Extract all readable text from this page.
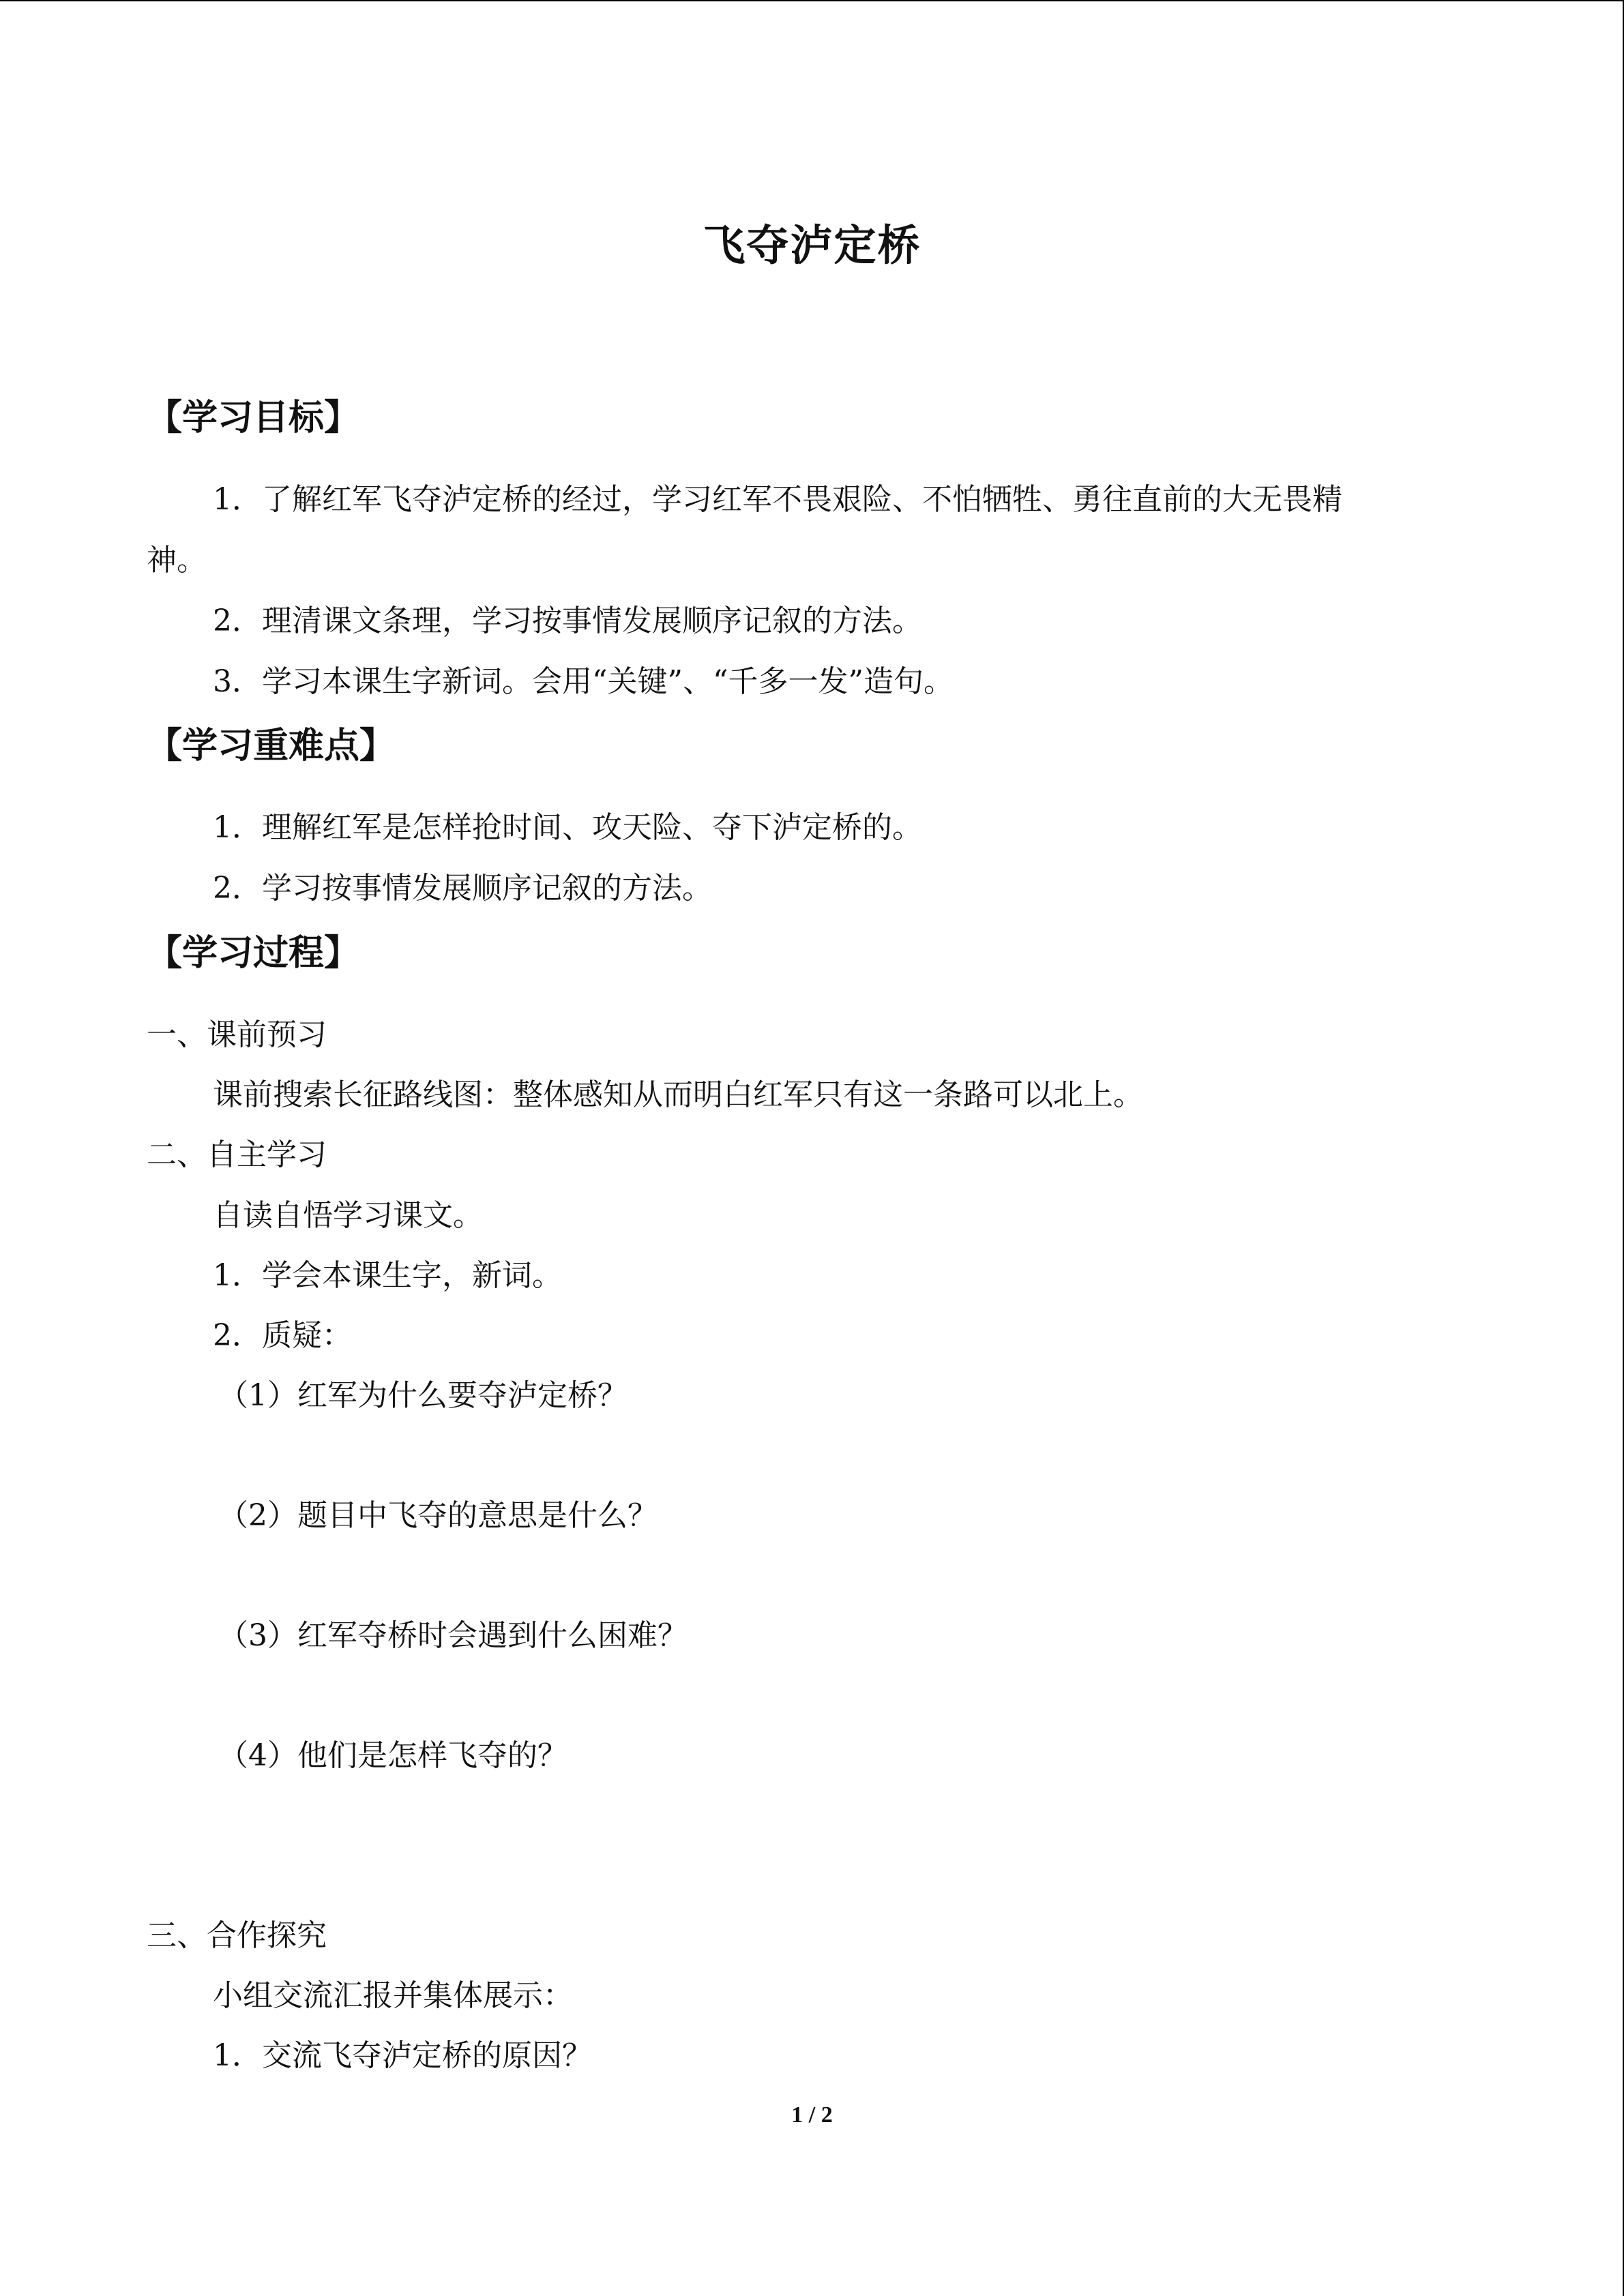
飞夺泸定桥
【学习目标】
1．了解红军飞夺泸定桥的经过，学习红军不畏艰险、不怕牺牲、勇往直前的大无畏精
神。
2．理清课文条理，学习按事情发展顺序记叙的方法。
3．学习本课生字新词。会用“关键”、“千多一发”造句。
【学习重难点】
1．理解红军是怎样抢时间、攻天险、夺下泸定桥的。
2．学习按事情发展顺序记叙的方法。
【学习过程】
一、课前预习
课前搜索长征路线图：整体感知从而明白红军只有这一条路可以北上。
二、自主学习
自读自悟学习课文。
1．学会本课生字，新词。
2．质疑：
（1）红军为什么要夺泸定桥？
（2）题目中飞夺的意思是什么？
（3）红军夺桥时会遇到什么困难？
（4）他们是怎样飞夺的？
三、合作探究
小组交流汇报并集体展示：
1．交流飞夺泸定桥的原因？
1 / 2
